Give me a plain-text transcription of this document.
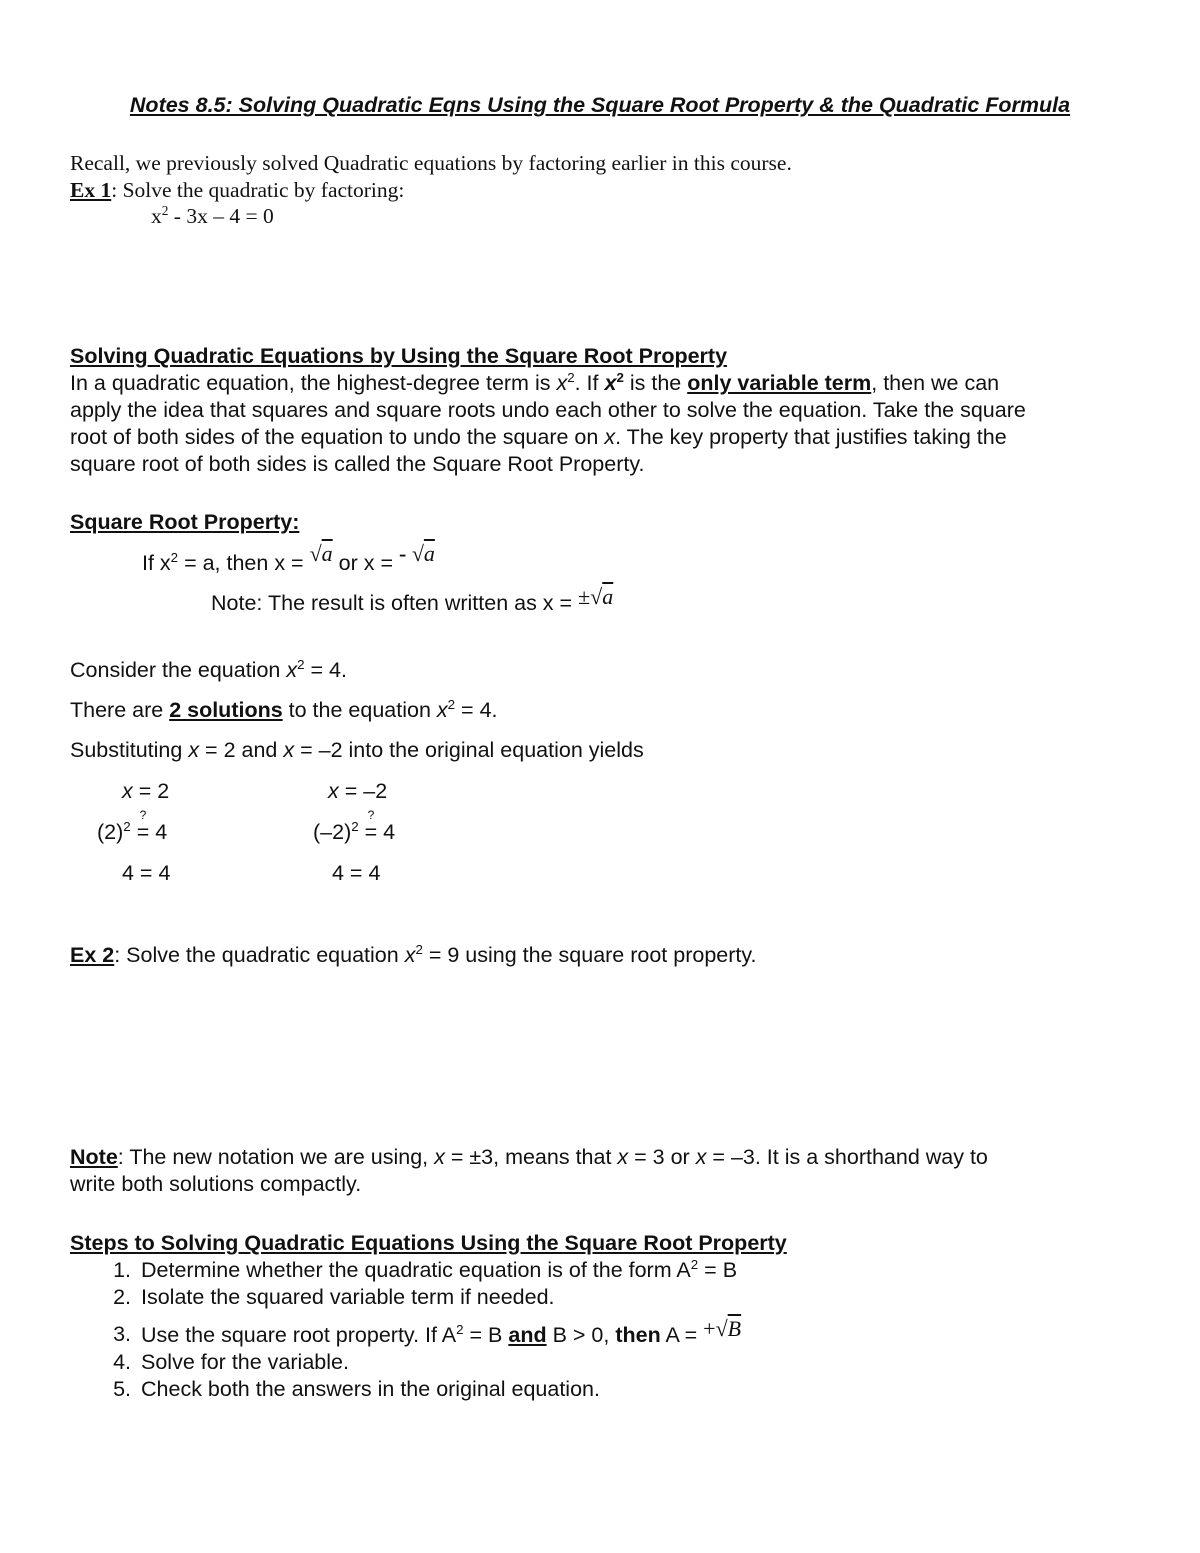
Notes 8.5: Solving Quadratic Eqns Using the Square Root Property & the Quadratic Formula
Recall, we previously solved Quadratic equations by factoring earlier in this course.
Ex 1: Solve the quadratic by factoring:
$x^2 - 3x - 4 = 0$
Solving Quadratic Equations by Using the Square Root Property
In a quadratic equation, the highest-degree term is $x^2$. If $x^2$ is the only variable term, then we can
apply the idea that squares and square roots undo each other to solve the equation. Take the square
root of both sides of the equation to undo the square on x. The key property that justifies taking the
square root of both sides is called the Square Root Property.
Square Root Property:
If $x^2 = a$, then x = √a or x = - √a
Note: The result is often written as x = ±√a
Consider the equation $x^2 = 4$.
There are 2 solutions to the equation $x^2 = 4$.
Substituting x = 2 and x = –2 into the original equation yields
x = 2
$(2)^2$
?
= 4
4 = 4
x = –2
$(-2)^2$
?
= 4
4 = 4
Ex 2: Solve the quadratic equation $x^2 = 9$ using the square root property.
Note: The new notation we are using, x = ±3, means that x = 3 or x = –3. It is a shorthand way to
write both solutions compactly.
Steps to Solving Quadratic Equations Using the Square Root Property
1. Determine whether the quadratic equation is of the form $A^2 = B$
2. Isolate the squared variable term if needed.
3. Use the square root property. If $A^2 = B$ and B > 0, then A = +√B
4. Solve for the variable.
5. Check both the answers in the original equation.
